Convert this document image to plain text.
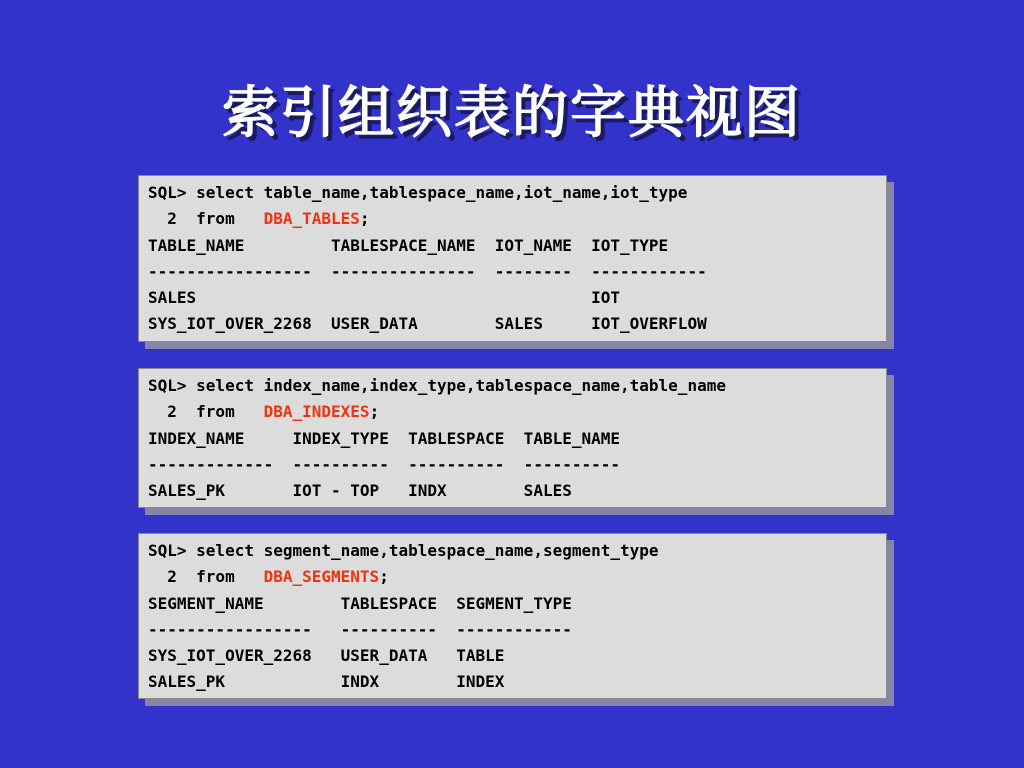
索引组织表的字典视图
SQL> select table_name,tablespace_name,iot_name,iot_type
2  from   DBA_TABLES;
TABLE_NAME         TABLESPACE_NAME  IOT_NAME  IOT_TYPE
-----------------  ---------------  --------  ------------
SALES                                         IOT
SYS_IOT_OVER_2268  USER_DATA        SALES     IOT_OVERFLOW
SQL> select index_name,index_type,tablespace_name,table_name
2  from   DBA_INDEXES;
INDEX_NAME     INDEX_TYPE  TABLESPACE  TABLE_NAME
-------------  ----------  ----------  ----------
SALES_PK       IOT - TOP   INDX        SALES
SQL> select segment_name,tablespace_name,segment_type
2  from   DBA_SEGMENTS;
SEGMENT_NAME        TABLESPACE  SEGMENT_TYPE
-----------------   ----------  ------------
SYS_IOT_OVER_2268   USER_DATA   TABLE
SALES_PK            INDX        INDEX
